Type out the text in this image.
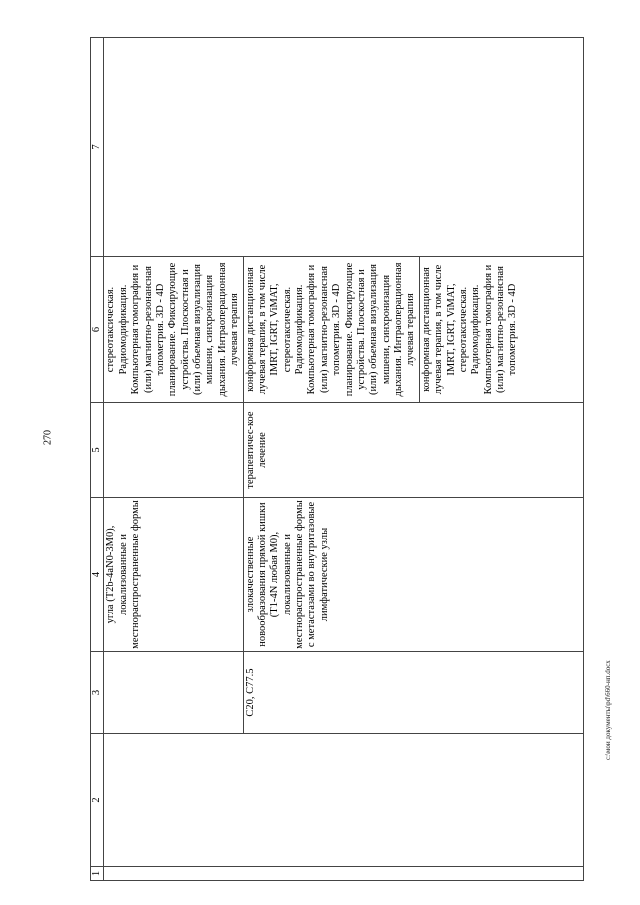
270
1	2	3	4	5	6	7
			угла (T2b-4aN0-3M0), локализованные и местнораспространенные формы		стереотаксическая. Радиомодификация. Компьютерная томография и (или) магнитно-резонансная топометрия. 3D - 4D планирование. Фиксирующие устройства. Плоскостная и (или) объемная визуализация мишени, синхронизация дыхания. Интраоперационная лучевая терапия	
		C20, C77.5	злокачественные новообразования прямой кишки (T1-4N любая M0), локализованные и местнораспространенные формы с метастазами во внутритазовые лимфатические узлы	терапевтичес-кое лечение	конформная дистанционная лучевая терапия, в том числе IMRT, IGRT, ViMAT, стереотаксическая. Радиомодификация. Компьютерная томография и (или) магнитно-резонансная топометрия. 3D - 4D планирование. Фиксирующие устройства. Плоскостная и (или) объемная визуализация мишени, синхронизация дыхания. Интраоперационная лучевая терапия конформная дистанционная лучевая терапия, в том числе IMRT, IGRT, ViMAT, стереотаксическая. Радиомодификация. Компьютерная томография и (или) магнитно-резонансная топометрия. 3D - 4D	
c:\мои документы\pd\660-нп.docx
